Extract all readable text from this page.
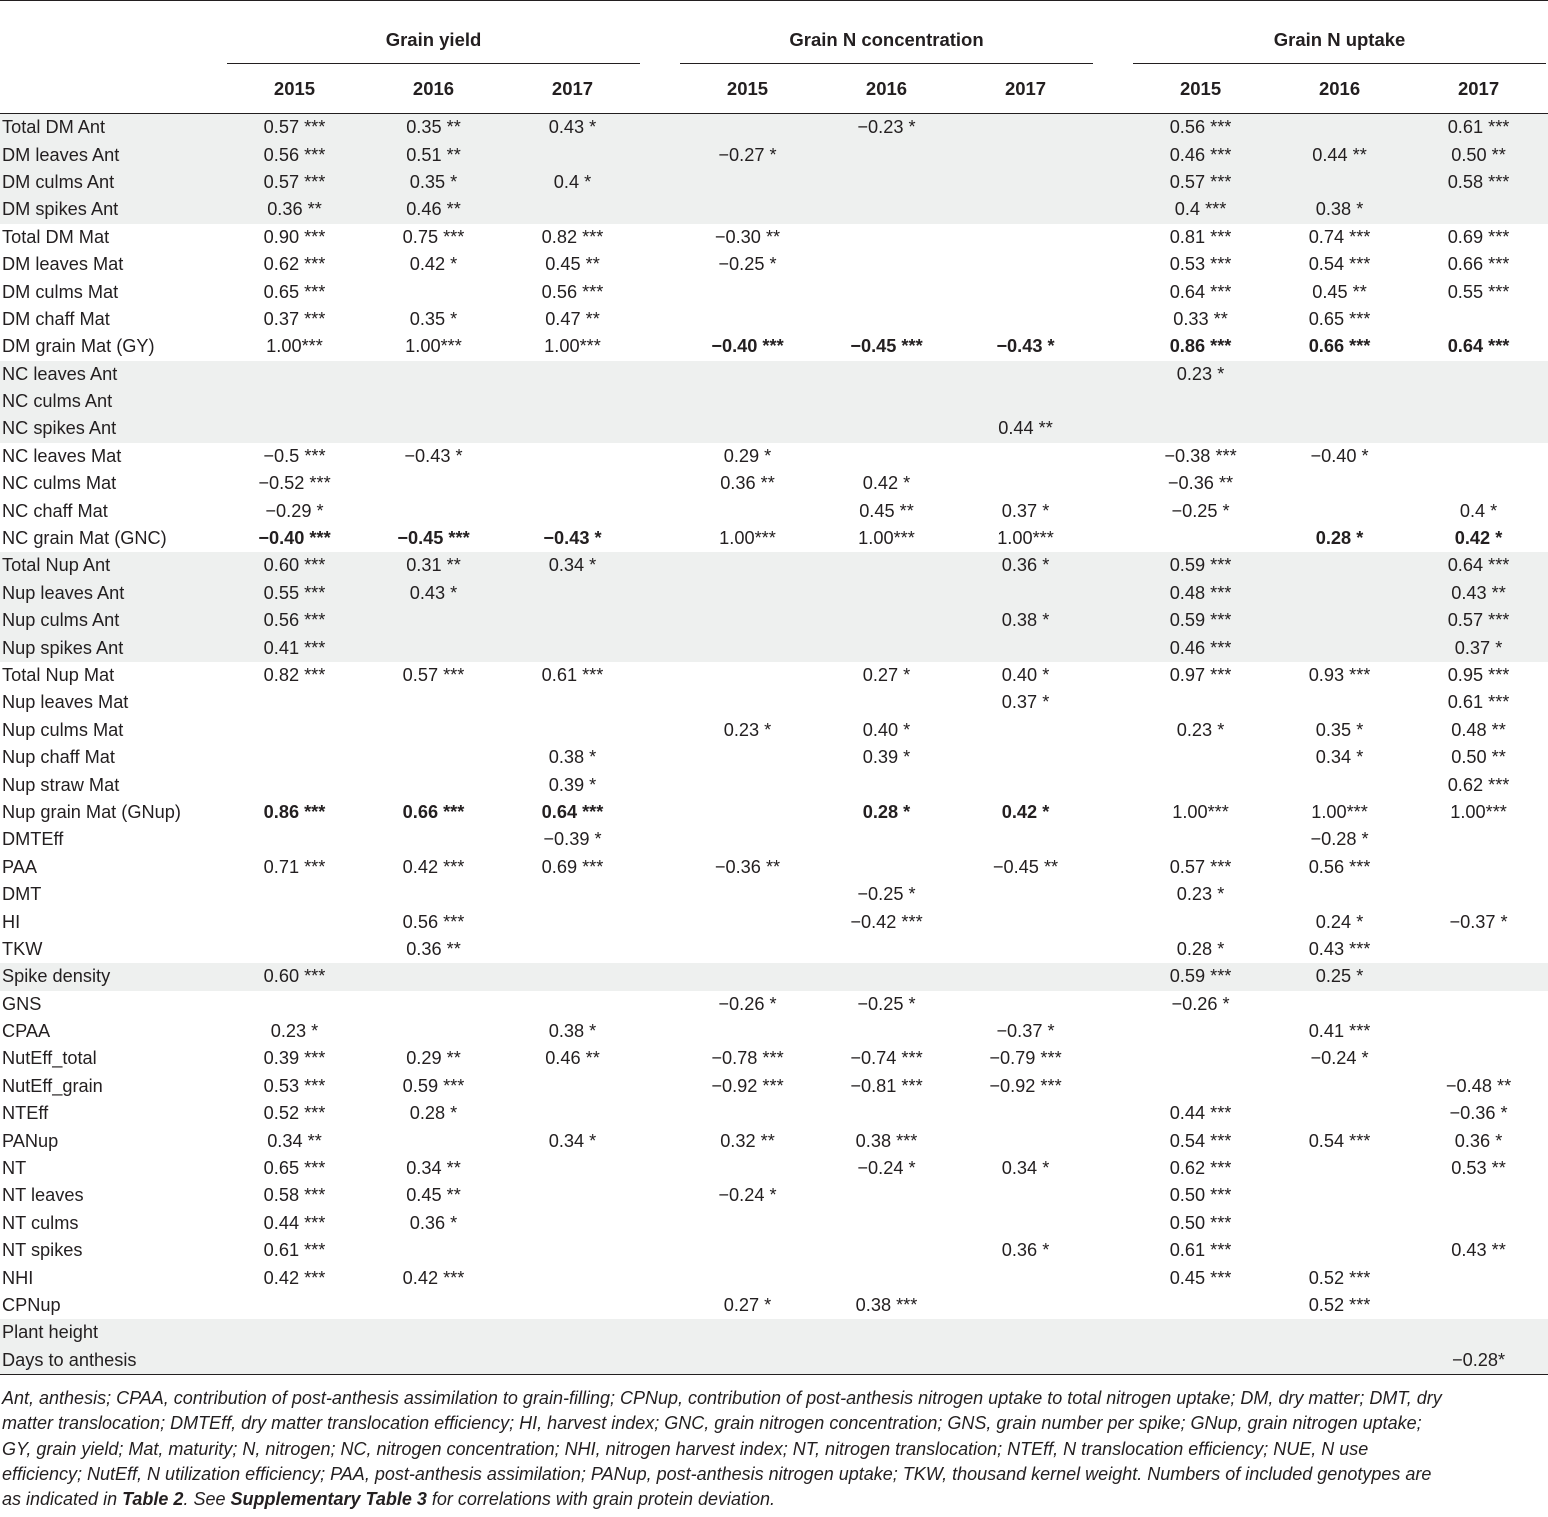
	Grain yield				Grain N concentration				Grain N uptake		

	2015	2016	2017		2015	2016	2017		2015	2016	2017
Total DM Ant	0.57 ***	0.35 **	0.43 *			−0.23 *			0.56 ***		0.61 ***
DM leaves Ant	0.56 ***	0.51 **			−0.27 *				0.46 ***	0.44 **	0.50 **
DM culms Ant	0.57 ***	0.35 *	0.4 *						0.57 ***		0.58 ***
DM spikes Ant	0.36 **	0.46 **							0.4 ***	0.38 *	
Total DM Mat	0.90 ***	0.75 ***	0.82 ***		−0.30 **				0.81 ***	0.74 ***	0.69 ***
DM leaves Mat	0.62 ***	0.42 *	0.45 **		−0.25 *				0.53 ***	0.54 ***	0.66 ***
DM culms Mat	0.65 ***		0.56 ***						0.64 ***	0.45 **	0.55 ***
DM chaff Mat	0.37 ***	0.35 *	0.47 **						0.33 **	0.65 ***	
DM grain Mat (GY)	1.00***	1.00***	1.00***		−0.40 ***	−0.45 ***	−0.43 *		0.86 ***	0.66 ***	0.64 ***
NC leaves Ant									0.23 *		
NC culms Ant											
NC spikes Ant							0.44 **				
NC leaves Mat	−0.5 ***	−0.43 *			0.29 *				−0.38 ***	−0.40 *	
NC culms Mat	−0.52 ***				0.36 **	0.42 *			−0.36 **		
NC chaff Mat	−0.29 *					0.45 **	0.37 *		−0.25 *		0.4 *
NC grain Mat (GNC)	−0.40 ***	−0.45 ***	−0.43 *		1.00***	1.00***	1.00***			0.28 *	0.42 *
Total Nup Ant	0.60 ***	0.31 **	0.34 *				0.36 *		0.59 ***		0.64 ***
Nup leaves Ant	0.55 ***	0.43 *							0.48 ***		0.43 **
Nup culms Ant	0.56 ***						0.38 *		0.59 ***		0.57 ***
Nup spikes Ant	0.41 ***								0.46 ***		0.37 *
Total Nup Mat	0.82 ***	0.57 ***	0.61 ***			0.27 *	0.40 *		0.97 ***	0.93 ***	0.95 ***
Nup leaves Mat							0.37 *				0.61 ***
Nup culms Mat					0.23 *	0.40 *			0.23 *	0.35 *	0.48 **
Nup chaff Mat			0.38 *			0.39 *				0.34 *	0.50 **
Nup straw Mat			0.39 *								0.62 ***
Nup grain Mat (GNup)	0.86 ***	0.66 ***	0.64 ***			0.28 *	0.42 *		1.00***	1.00***	1.00***
DMTEff			−0.39 *							−0.28 *	
PAA	0.71 ***	0.42 ***	0.69 ***		−0.36 **		−0.45 **		0.57 ***	0.56 ***	
DMT						−0.25 *			0.23 *		
HI		0.56 ***				−0.42 ***				0.24 *	−0.37 *
TKW		0.36 **							0.28 *	0.43 ***	
Spike density	0.60 ***								0.59 ***	0.25 *	
GNS					−0.26 *	−0.25 *			−0.26 *		
CPAA	0.23 *		0.38 *				−0.37 *			0.41 ***	
NutEff_total	0.39 ***	0.29 **	0.46 **		−0.78 ***	−0.74 ***	−0.79 ***			−0.24 *	
NutEff_grain	0.53 ***	0.59 ***			−0.92 ***	−0.81 ***	−0.92 ***				−0.48 **
NTEff	0.52 ***	0.28 *							0.44 ***		−0.36 *
PANup	0.34 **		0.34 *		0.32 **	0.38 ***			0.54 ***	0.54 ***	0.36 *
NT	0.65 ***	0.34 **				−0.24 *	0.34 *		0.62 ***		0.53 **
NT leaves	0.58 ***	0.45 **			−0.24 *				0.50 ***		
NT culms	0.44 ***	0.36 *							0.50 ***		
NT spikes	0.61 ***						0.36 *		0.61 ***		0.43 **
NHI	0.42 ***	0.42 ***							0.45 ***	0.52 ***	
CPNup					0.27 *	0.38 ***				0.52 ***	
Plant height											
Days to anthesis											−0.28*

Ant, anthesis; CPAA, contribution of post-anthesis assimilation to grain-filling; CPNup, contribution of post-anthesis nitrogen uptake to total nitrogen uptake; DM, dry matter; DMT, dry matter translocation; DMTEff, dry matter translocation efficiency; HI, harvest index; GNC, grain nitrogen concentration; GNS, grain number per spike; GNup, grain nitrogen uptake; GY, grain yield; Mat, maturity; N, nitrogen; NC, nitrogen concentration; NHI, nitrogen harvest index; NT, nitrogen translocation; NTEff, N translocation efficiency; NUE, N use efficiency; NutEff, N utilization efficiency; PAA, post-anthesis assimilation; PANup, post-anthesis nitrogen uptake; TKW, thousand kernel weight. Numbers of included genotypes are as indicated in Table 2. See Supplementary Table 3 for correlations with grain protein deviation.
